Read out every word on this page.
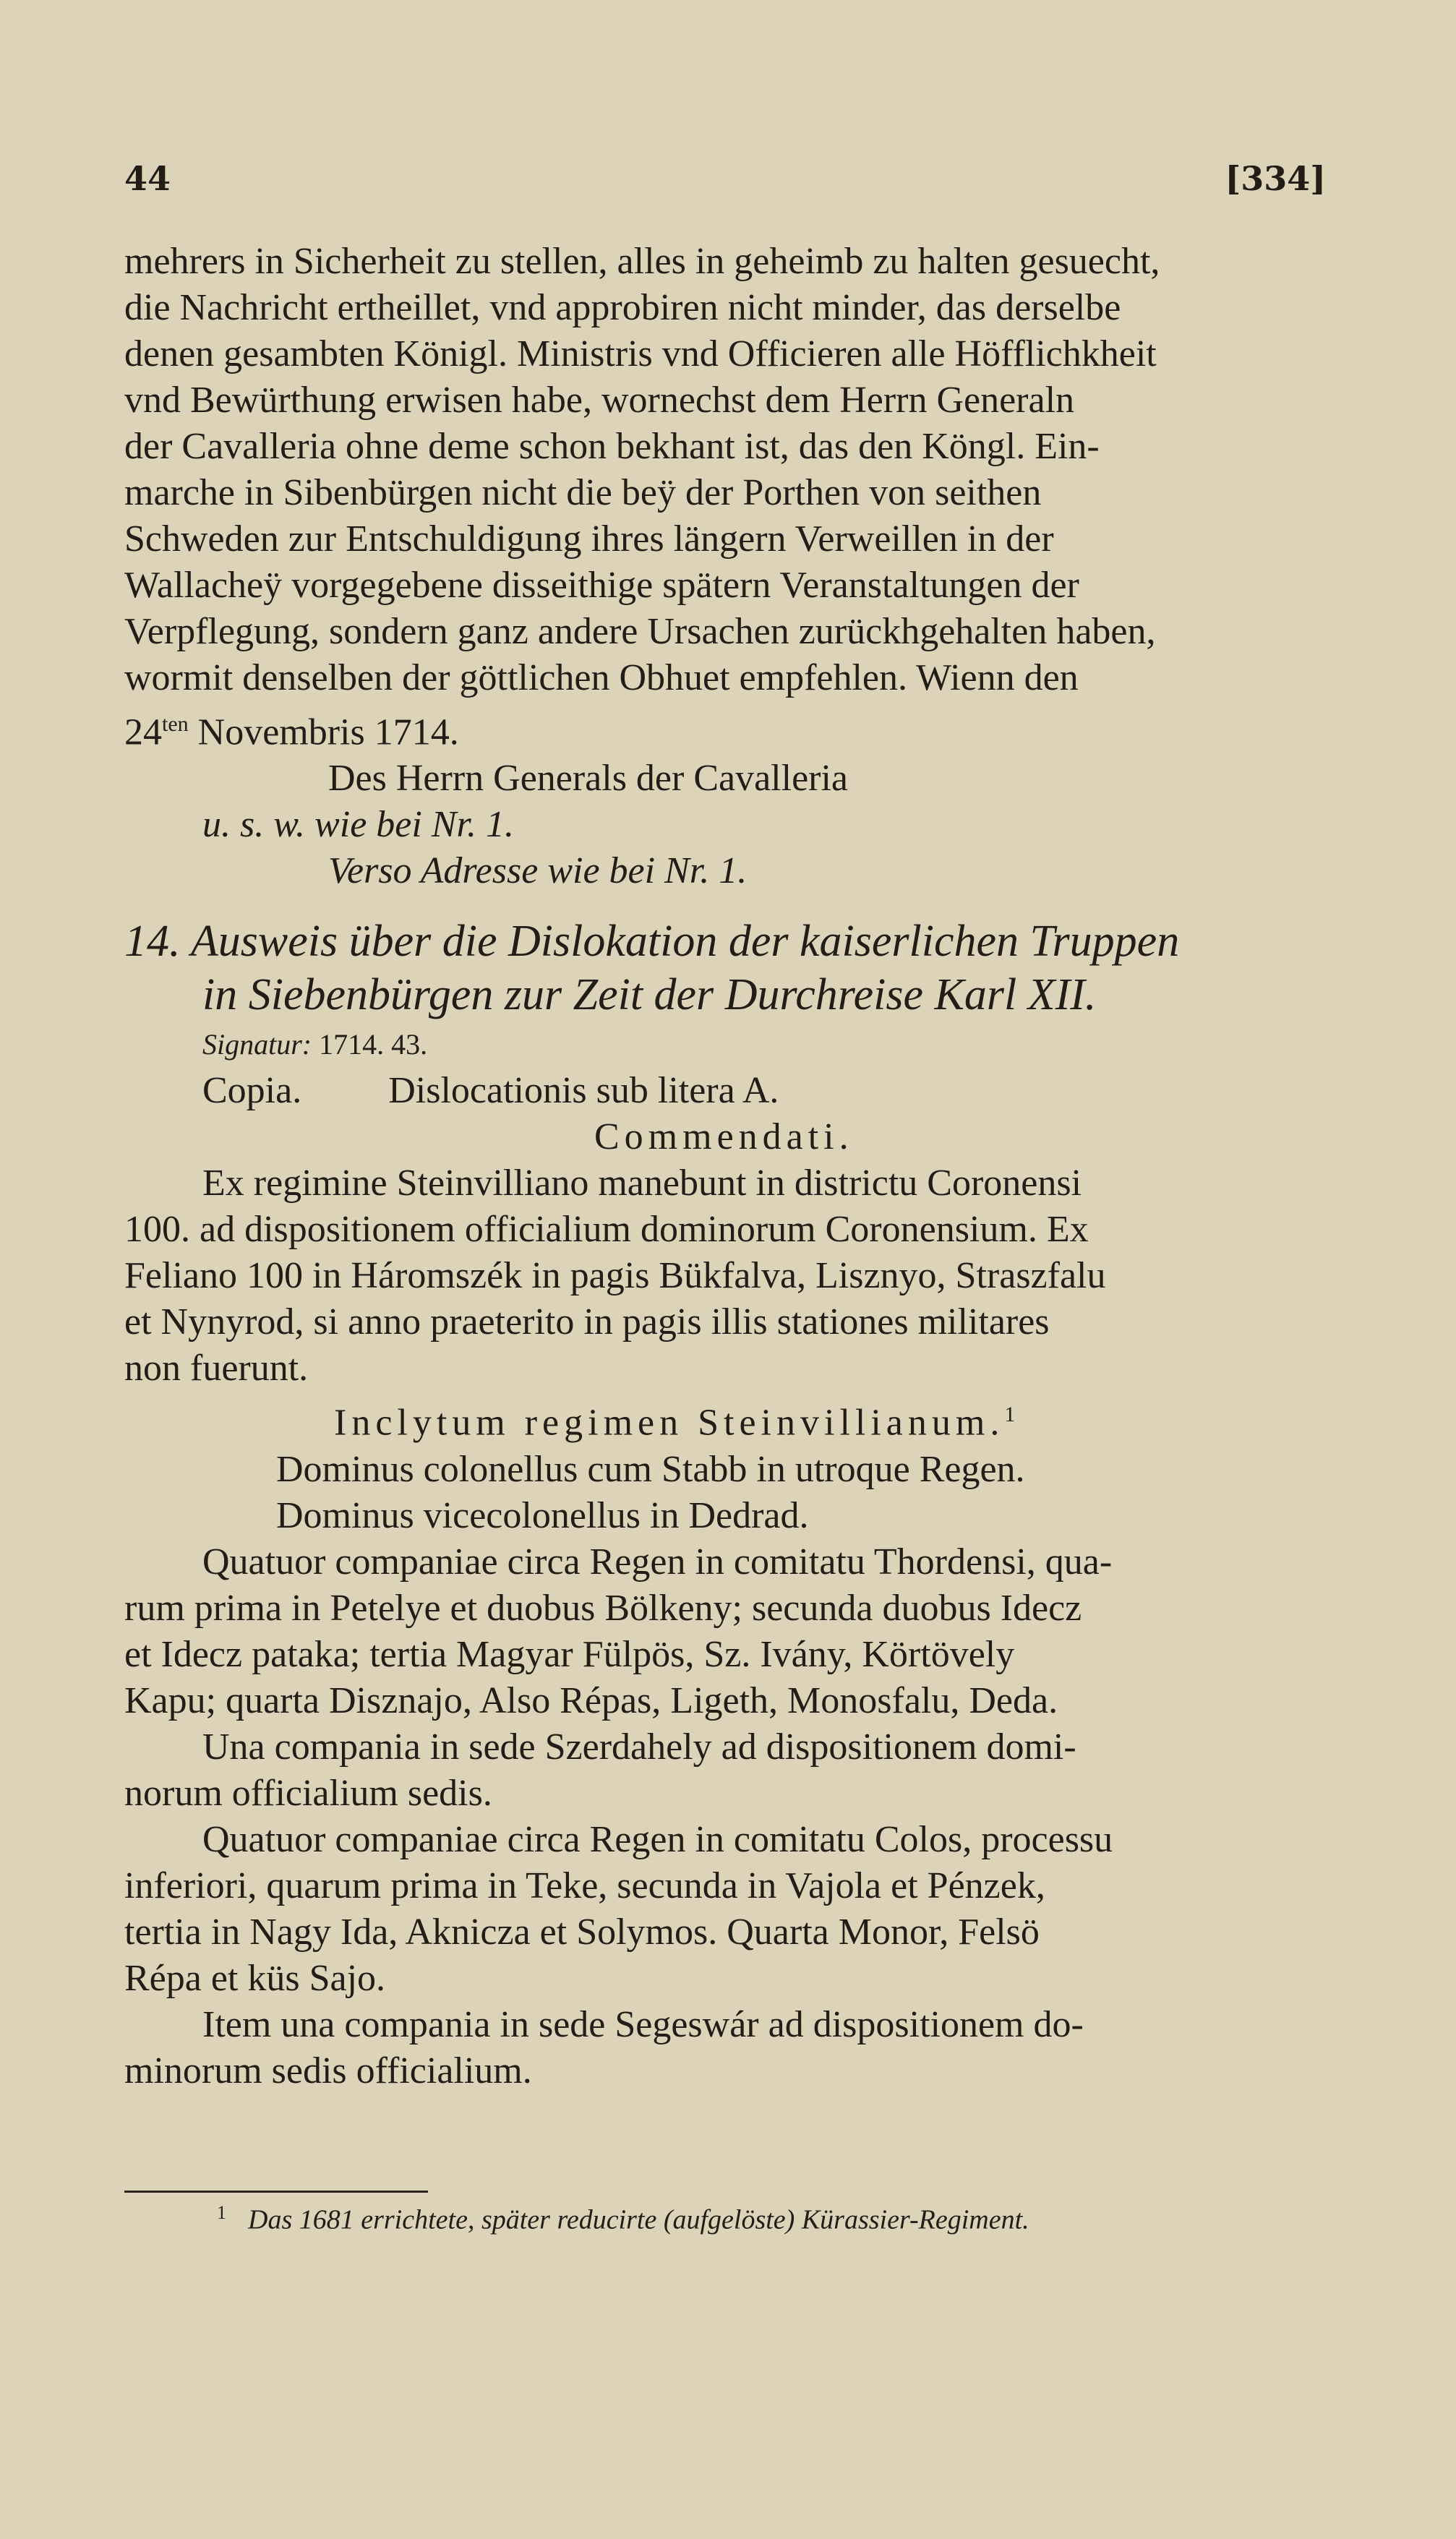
44	[334]
mehrers in Sicherheit zu stellen, alles in geheimb zu halten gesuecht,
die Nachricht ertheillet, vnd approbiren nicht minder, das derselbe
denen gesambten Königl. Ministris vnd Officieren alle Höfflichkheit
vnd Bewürthung erwisen habe, wornechst dem Herrn Generaln
der Cavalleria ohne deme schon bekhant ist, das den Köngl. Ein-
marche in Sibenbürgen nicht die beÿ der Porthen von seithen
Schweden zur Entschuldigung ihres längern Verweillen in der
Wallacheÿ vorgegebene disseithige spätern Veranstaltungen der
Verpflegung, sondern ganz andere Ursachen zurückhgehalten haben,
wormit denselben der göttlichen Obhuet empfehlen. Wienn den
$24^{ten}$ Novembris 1714.
Des Herrn Generals der Cavalleria
u. s. w. wie bei Nr. 1.
Verso Adresse wie bei Nr. 1.
14. Ausweis über die Dislokation der kaiserlichen Truppen
in Siebenbürgen zur Zeit der Durchreise Karl XII.
Signatur: 1714. 43.
Copia. Dislocationis sub litera A.
Commendati.
Ex regimine Steinvilliano manebunt in districtu Coronensi
100. ad dispositionem officialium dominorum Coronensium. Ex
Feliano 100 in Háromszék in pagis Bükfalva, Lisznyo, Straszfalu
et Nynyrod, si anno praeterito in pagis illis stationes militares
non fuerunt.
Inclytum regimen Steinvillianum.$^1$
Dominus colonellus cum Stabb in utroque Regen.
Dominus vicecolonellus in Dedrad.
Quatuor companiae circa Regen in comitatu Thordensi, qua-
rum prima in Petelye et duobus Bölkeny; secunda duobus Idecz
et Idecz pataka; tertia Magyar Fülpös, Sz. Ivány, Körtövely
Kapu; quarta Disznajo, Also Répas, Ligeth, Monosfalu, Deda.
Una compania in sede Szerdahely ad dispositionem domi-
norum officialium sedis.
Quatuor companiae circa Regen in comitatu Colos, processu
inferiori, quarum prima in Teke, secunda in Vajola et Pénzek,
tertia in Nagy Ida, Aknicza et Solymos. Quarta Monor, Felsö
Répa et küs Sajo.
Item una compania in sede Segeswár ad dispositionem do-
minorum sedis officialium.
$^1$ Das 1681 errichtete, später reducirte (aufgelöste) Kürassier-Regiment.
